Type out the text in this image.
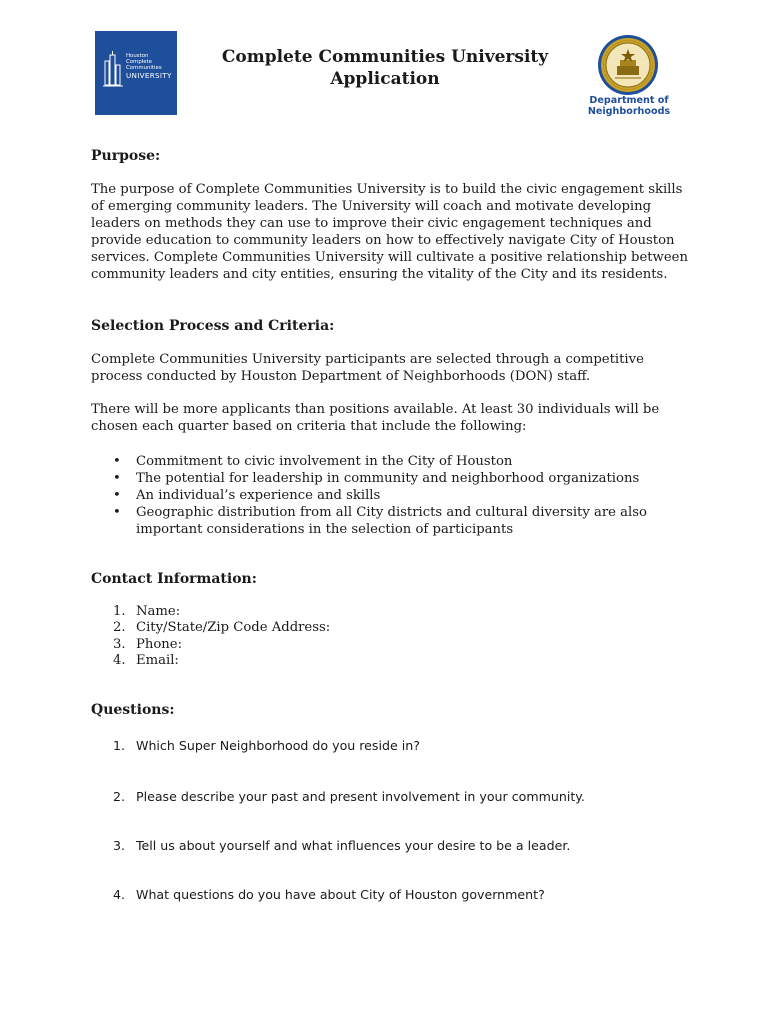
Houston
Complete
Communities
UNIVERSITY
Complete Communities University
Application
Department of
Neighborhoods
Purpose:

The purpose of Complete Communities University is to build the civic engagement skills of emerging community leaders. The University will coach and motivate developing leaders on methods they can use to improve their civic engagement techniques and provide education to community leaders on how to effectively navigate City of Houston services. Complete Communities University will cultivate a positive relationship between community leaders and city entities, ensuring the vitality of the City and its residents.

Selection Process and Criteria:

Complete Communities University participants are selected through a competitive process conducted by Houston Department of Neighborhoods (DON) staff.

There will be more applicants than positions available. At least 30 individuals will be chosen each quarter based on criteria that include the following:

• Commitment to civic involvement in the City of Houston
• The potential for leadership in community and neighborhood organizations
• An individual’s experience and skills
• Geographic distribution from all City districts and cultural diversity are also important considerations in the selection of participants
Contact Information:
1. Name:
2. City/State/Zip Code Address:
3. Phone:
4. Email:
Questions:
1. Which Super Neighborhood do you reside in?
2. Please describe your past and present involvement in your community.
3. Tell us about yourself and what influences your desire to be a leader.
4. What questions do you have about City of Houston government?
